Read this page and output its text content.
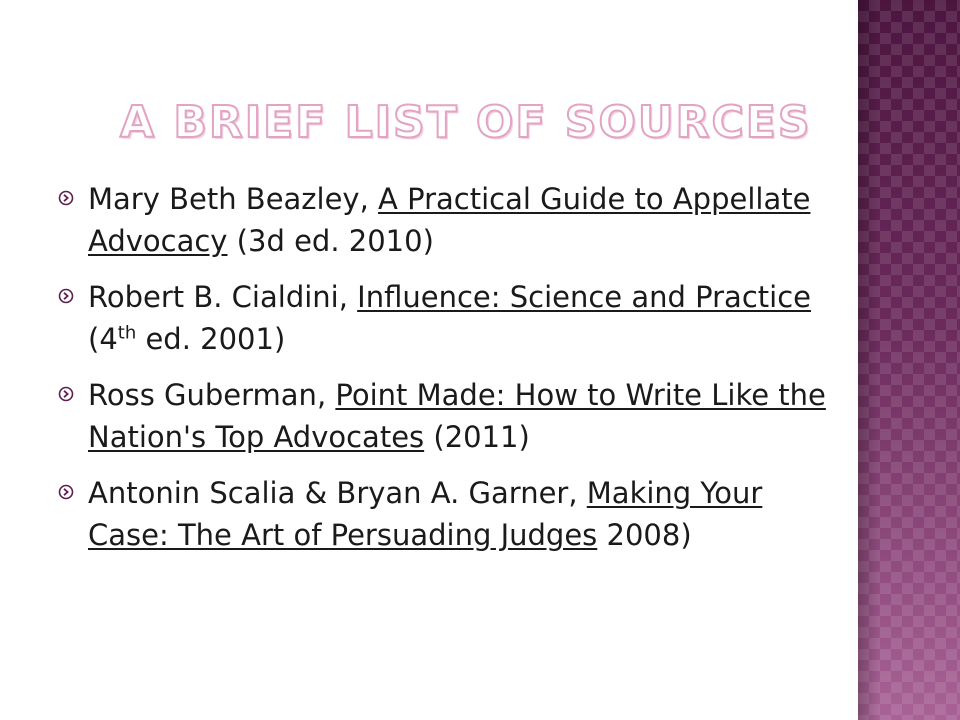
A BRIEF LIST OF SOURCES
Mary Beth Beazley, A Practical Guide to Appellate Advocacy (3d ed. 2010)
Robert B. Cialdini, Influence: Science and Practice (4th ed. 2001)
Ross Guberman, Point Made: How to Write Like the Nation's Top Advocates (2011)
Antonin Scalia & Bryan A. Garner, Making Your Case: The Art of Persuading Judges 2008)
